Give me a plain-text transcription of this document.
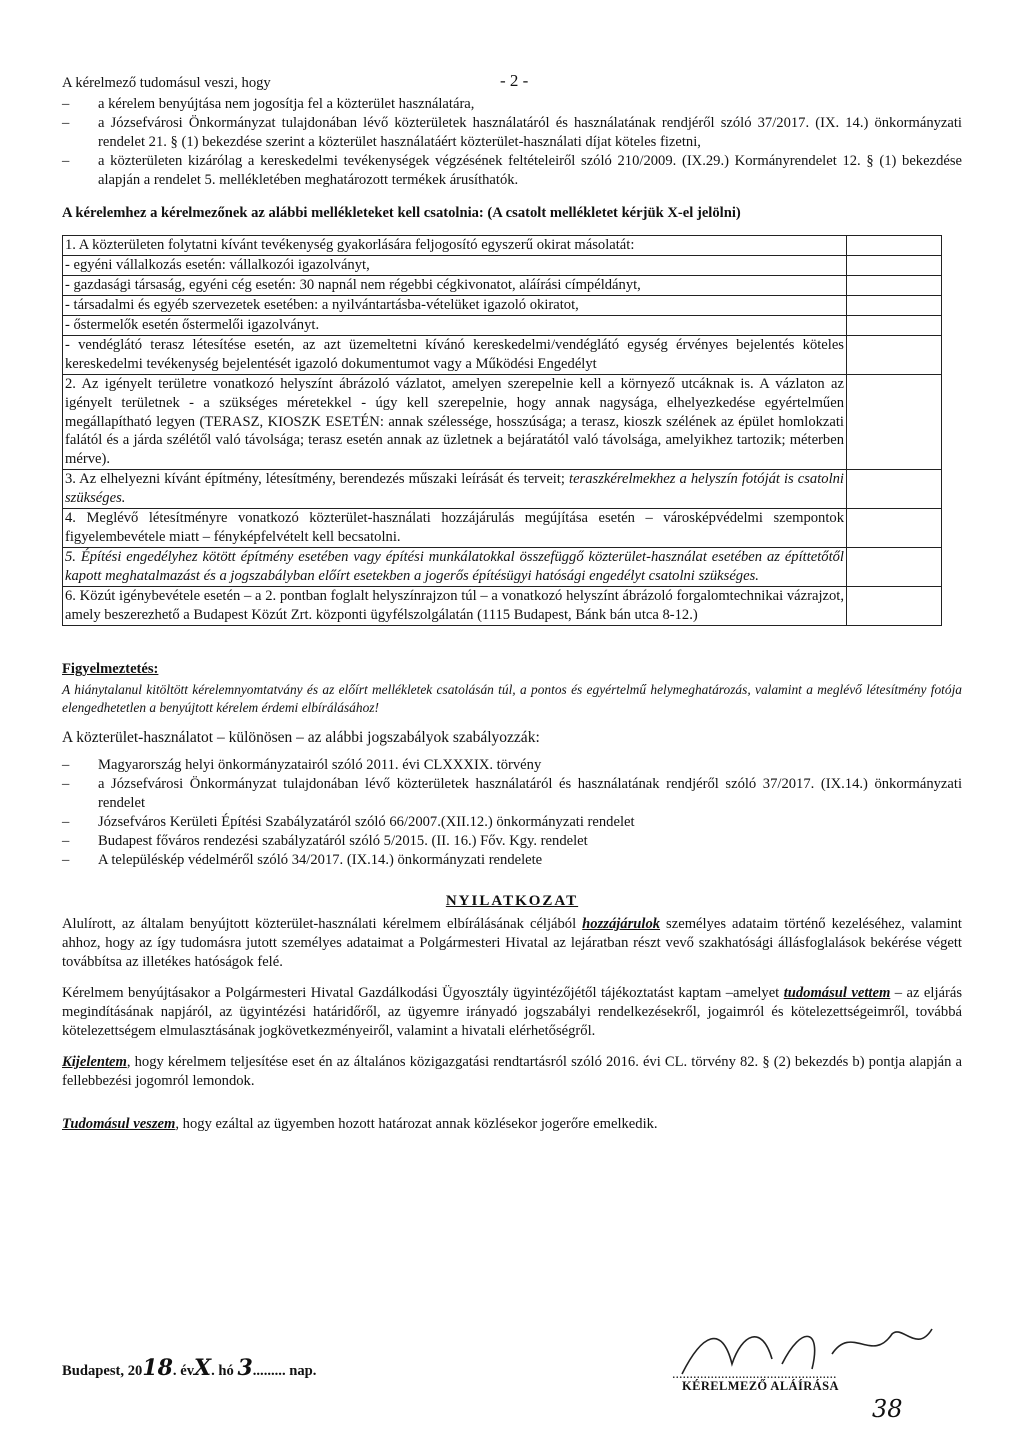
- 2 -

A kérelmező tudomásul veszi, hogy

–	a kérelem benyújtása nem jogosítja fel a közterület használatára,
–	a Józsefvárosi Önkormányzat tulajdonában lévő közterületek használatáról és használatának rendjéről szóló 37/2017. (IX. 14.) önkormányzati rendelet 21. § (1) bekezdése szerint a közterület használatáért közterület-használati díjat köteles fizetni,
–	a közterületen kizárólag a kereskedelmi tevékenységek végzésének feltételeiről szóló 210/2009. (IX.29.) Kormányrendelet 12. § (1) bekezdése alapján a rendelet 5. mellékletében meghatározott termékek árusíthatók.

A kérelemhez a kérelmezőnek az alábbi mellékleteket kell csatolnia: (A csatolt mellékletet kérjük X-el jelölni)

1. A közterületen folytatni kívánt tevékenység gyakorlására feljogosító egyszerű okirat másolatát:	
- egyéni vállalkozás esetén: vállalkozói igazolványt,	
- gazdasági társaság, egyéni cég esetén: 30 napnál nem régebbi cégkivonatot, aláírási címpéldányt,	
- társadalmi és egyéb szervezetek esetében: a nyilvántartásba-vételüket igazoló okiratot,	
- őstermelők esetén őstermelői igazolványt.	
- vendéglátó terasz létesítése esetén, az azt üzemeltetni kívánó kereskedelmi/vendéglátó egység érvényes bejelentés köteles kereskedelmi tevékenység bejelentését igazoló dokumentumot vagy a Működési Engedélyt	
2. Az igényelt területre vonatkozó helyszínt ábrázoló vázlatot, amelyen szerepelnie kell a környező utcáknak is. A vázlaton az igényelt területnek - a szükséges méretekkel - úgy kell szerepelnie, hogy annak nagysága, elhelyezkedése egyértelműen megállapítható legyen (TERASZ, KIOSZK ESETÉN: annak szélessége, hosszúsága; a terasz, kioszk szélének az épület homlokzati falától és a járda szélétől való távolsága; terasz esetén annak az üzletnek a bejáratától való távolsága, amelyikhez tartozik; méterben mérve).	
3. Az elhelyezni kívánt építmény, létesítmény, berendezés műszaki leírását és terveit; teraszkérelmekhez a helyszín fotóját is csatolni szükséges.	
4. Meglévő létesítményre vonatkozó közterület-használati hozzájárulás megújítása esetén – városképvédelmi szempontok figyelembevétele miatt – fényképfelvételt kell becsatolni.	
5. Építési engedélyhez kötött építmény esetében vagy építési munkálatokkal összefüggő közterület-használat esetében az építtetőtől kapott meghatalmazást és a jogszabályban előírt esetekben a jogerős építésügyi hatósági engedélyt csatolni szükséges.	
6. Közút igénybevétele esetén – a 2. pontban foglalt helyszínrajzon túl – a vonatkozó helyszínt ábrázoló forgalomtechnikai vázrajzot, amely beszerezhető a Budapest Közút Zrt. központi ügyfélszolgálatán (1115 Budapest, Bánk bán utca 8-12.)	

Figyelmeztetés:

A hiánytalanul kitöltött kérelemnyomtatvány és az előírt mellékletek csatolásán túl, a pontos és egyértelmű helymeghatározás, valamint a meglévő létesítmény fotója elengedhetetlen a benyújtott kérelem érdemi elbírálásához!

A közterület-használatot – különösen – az alábbi jogszabályok szabályozzák:

–	Magyarország helyi önkormányzatairól szóló 2011. évi CLXXXIX. törvény
–	a Józsefvárosi Önkormányzat tulajdonában lévő közterületek használatáról és használatának rendjéről szóló 37/2017. (IX.14.) önkormányzati rendelet
–	Józsefváros Kerületi Építési Szabályzatáról szóló 66/2007.(XII.12.) önkormányzati rendelet
–	Budapest főváros rendezési szabályzatáról szóló 5/2015. (II. 16.) Főv. Kgy. rendelet
–	A településkép védelméről szóló 34/2017. (IX.14.) önkormányzati rendelete

NYILATKOZAT

Alulírott, az általam benyújtott közterület-használati kérelmem elbírálásának céljából hozzájárulok személyes adataim történő kezeléséhez, valamint ahhoz, hogy az így tudomásra jutott személyes adataimat a Polgármesteri Hivatal az lejáratban részt vevő szakhatósági állásfoglalások bekérése végett továbbítsa az illetékes hatóságok felé.

Kérelmem benyújtásakor a Polgármesteri Hivatal Gazdálkodási Ügyosztály ügyintézőjétől tájékoztatást kaptam –amelyet tudomásul vettem – az eljárás megindításának napjáról, az ügyintézési határidőről, az ügyemre irányadó jogszabályi rendelkezésekről, jogaimról és kötelezettségeimről, továbbá kötelezettségem elmulasztásának jogkövetkezményeiről, valamint a hivatali elérhetőségről.

Kijelentem, hogy kérelmem teljesítése eset én az általános közigazgatási rendtartásról szóló 2016. évi CL. törvény 82. § (2) bekezdés b) pontja alapján a fellebbezési jogomról lemondok.

Tudomásul veszem, hogy ezáltal az ügyemben hozott határozat annak közlésekor jogerőre emelkedik.

Budapest, 2018. évX. hó 3......... nap.	...............................................
KÉRELMEZŐ ALÁÍRÁSA
38
